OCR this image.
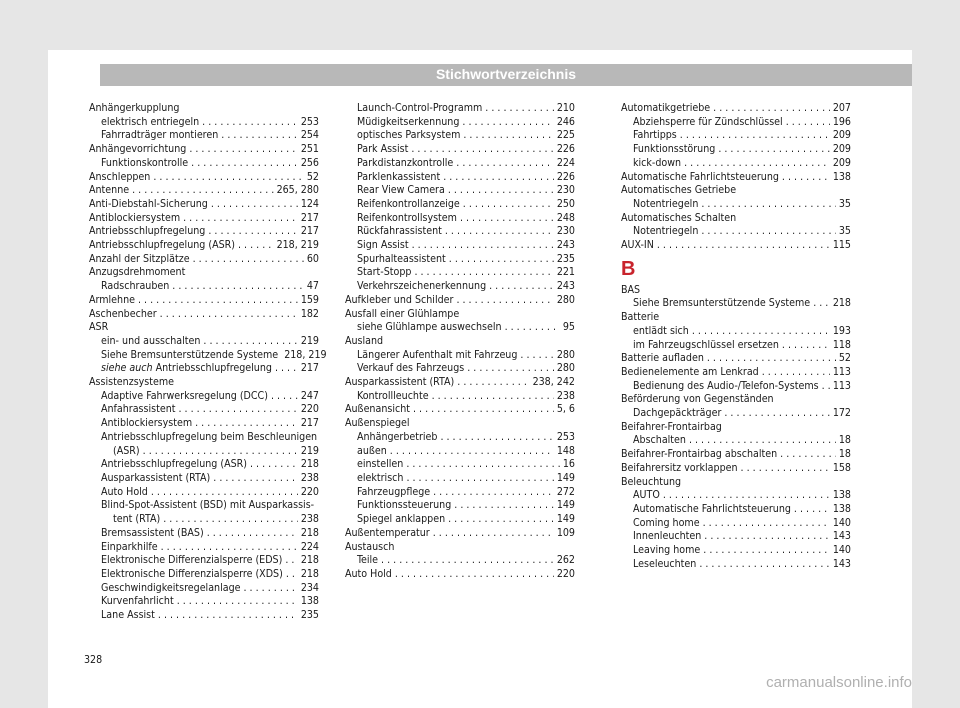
Stichwortverzeichnis
Anhängerkupplung
elektrisch entriegeln . . .	253
Fahrradträger montieren . . .	254
Anhängevorrichtung . . .	251
Funktionskontrolle . . .	256
Anschleppen . . .	52
Antenne . . .	265, 280
Anti-Diebstahl-Sicherung . . .	124
Antiblockiersystem . . .	217
Antriebsschlupfregelung . . .	217
Antriebsschlupfregelung (ASR) . . .	218, 219
Anzahl der Sitzplätze . . .	60
Anzugsdrehmoment
Radschrauben . . .	47
Armlehne . . .	159
Aschenbecher . . .	182
ASR
ein- und ausschalten . . .	219
Siehe Bremsunterstützende Systeme 218, 219
siehe auch Antriebsschlupfregelung . . .	217
Assistenzsysteme
Adaptive Fahrwerksregelung (DCC) . . .	247
Anfahrassistent . . .	220
Antiblockiersystem . . .	217
Antriebsschlupfregelung beim Beschleunigen
(ASR) . . .	219
Antriebsschlupfregelung (ASR) . . .	218
Ausparkassistent (RTA) . . .	238
Auto Hold . . .	220
Blind-Spot-Assistent (BSD) mit Ausparkassis-
tent (RTA) . . .	238
Bremsassistent (BAS) . . .	218
Einparkhilfe . . .	224
Elektronische Differenzialsperre (EDS) . . . 218
Elektronische Differenzialsperre (XDS) . . . 218
Geschwindigkeitsregelanlage . . .	234
Kurvenfahrlicht . . .	138
Lane Assist . . .	235
Launch-Control-Programm . . .	210
Müdigkeitserkennung . . .	246
optisches Parksystem . . .	225
Park Assist . . .	226
Parkdistanzkontrolle . . .	224
Parklenkassistent . . .	226
Rear View Camera . . .	230
Reifenkontrollanzeige . . .	250
Reifenkontrollsystem . . .	248
Rückfahrassistent . . .	230
Sign Assist . . .	243
Spurhalteassistent . . .	235
Start-Stopp . . .	221
Verkehrszeichenerkennung . . .	243
Aufkleber und Schilder . . .	280
Ausfall einer Glühlampe
siehe Glühlampe auswechseln . . .	95
Ausland
Längerer Aufenthalt mit Fahrzeug . . .	280
Verkauf des Fahrzeugs . . .	280
Ausparkassistent (RTA) . . .	238, 242
Kontrollleuchte . . .	238
Außenansicht . . .	5, 6
Außenspiegel
Anhängerbetrieb . . .	253
außen . . .	148
einstellen . . .	16
elektrisch . . .	149
Fahrzeugpflege . . .	272
Funktionssteuerung . . .	149
Spiegel anklappen . . .	149
Außentemperatur . . .	109
Austausch
Teile . . .	262
Auto Hold . . .	220
Automatikgetriebe . . .	207
Abziehsperre für Zündschlüssel . . .	196
Fahrtipps . . .	209
Funktionsstörung . . .	209
kick-down . . .	209
Automatische Fahrlichtsteuerung . . .	138
Automatisches Getriebe
Notentriegeln . . .	35
Automatisches Schalten
Notentriegeln . . .	35
AUX-IN . . .	115
B
BAS
Siehe Bremsunterstützende Systeme . . . 218
Batterie
entlädt sich . . .	193
im Fahrzeugschlüssel ersetzen . . .	118
Batterie aufladen . . .	52
Bedienelemente am Lenkrad . . .	113
Bedienung des Audio-/Telefon-Systems . . . 113
Beförderung von Gegenständen
Dachgepäckträger . . .	172
Beifahrer-Frontairbag
Abschalten . . .	18
Beifahrer-Frontairbag abschalten . . .	18
Beifahrersitz vorklappen . . .	158
Beleuchtung
AUTO . . .	138
Automatische Fahrlichtsteuerung . . .	138
Coming home . . .	140
Innenleuchten . . .	143
Leaving home . . .	140
Leseleuchten . . .	143
328
carmanualsonline.info
